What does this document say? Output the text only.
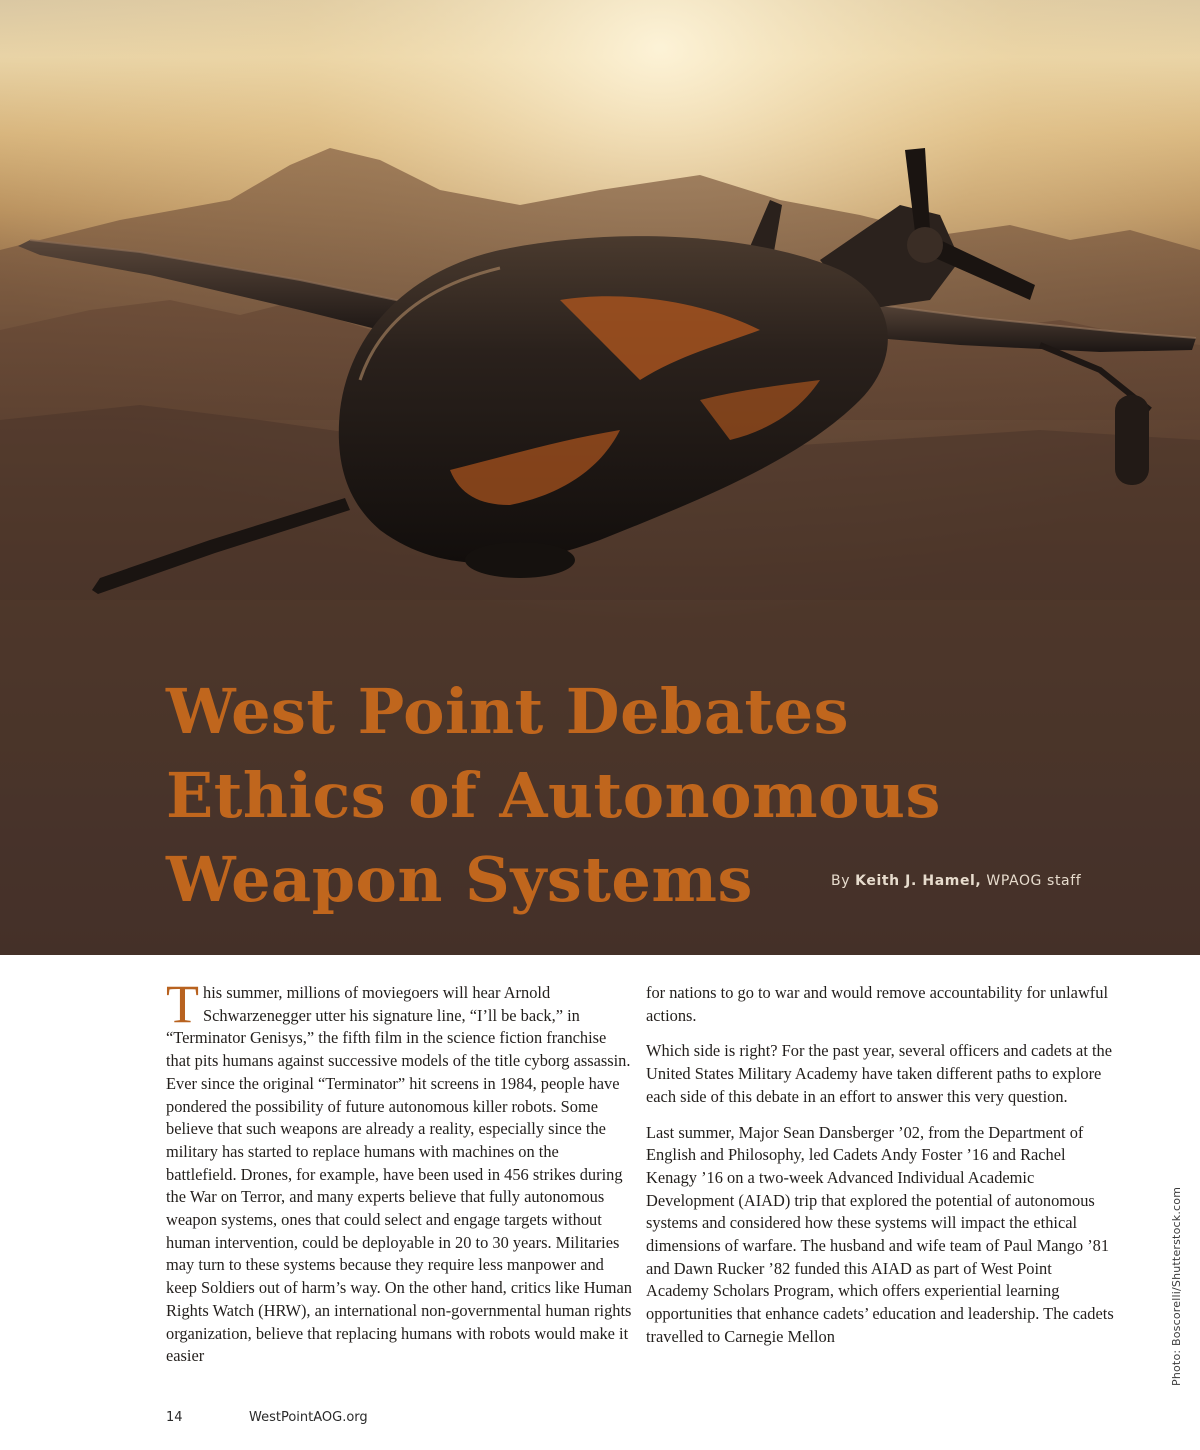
West Point Debates
Ethics of Autonomous
Weapon Systems	By Keith J. Hamel, WPAOG staff

This summer, millions of moviegoers will hear Arnold Schwarzenegger utter his signature line, “I’ll be back,” in “Terminator Genisys,” the fifth film in the science fiction franchise that pits humans against successive models of the title cyborg assassin. Ever since the original “Terminator” hit screens in 1984, people have pondered the possibility of future autonomous killer robots. Some believe that such weapons are already a reality, especially since the military has started to replace humans with machines on the battlefield. Drones, for example, have been used in 456 strikes during the War on Terror, and many experts believe that fully autonomous weapon systems, ones that could select and engage targets without human intervention, could be deployable in 20 to 30 years. Militaries may turn to these systems because they require less manpower and keep Soldiers out of harm’s way. On the other hand, critics like Human Rights Watch (HRW), an international non-governmental human rights organization, believe that replacing humans with robots would make it easier

for nations to go to war and would remove accountability for unlawful actions.

Which side is right? For the past year, several officers and cadets at the United States Military Academy have taken different paths to explore each side of this debate in an effort to answer this very question.

Last summer, Major Sean Dansberger ’02, from the Department of English and Philosophy, led Cadets Andy Foster ’16 and Rachel Kenagy ’16 on a two-week Advanced Individual Academic Development (AIAD) trip that explored the potential of autonomous systems and considered how these systems will impact the ethical dimensions of warfare. The husband and wife team of Paul Mango ’81 and Dawn Rucker ’82 funded this AIAD as part of West Point Academy Scholars Program, which offers experiential learning opportunities that enhance cadets’ education and leadership. The cadets travelled to Carnegie Mellon	Photo: Boscorelli/Shutterstock.com
14	WestPointAOG.org
